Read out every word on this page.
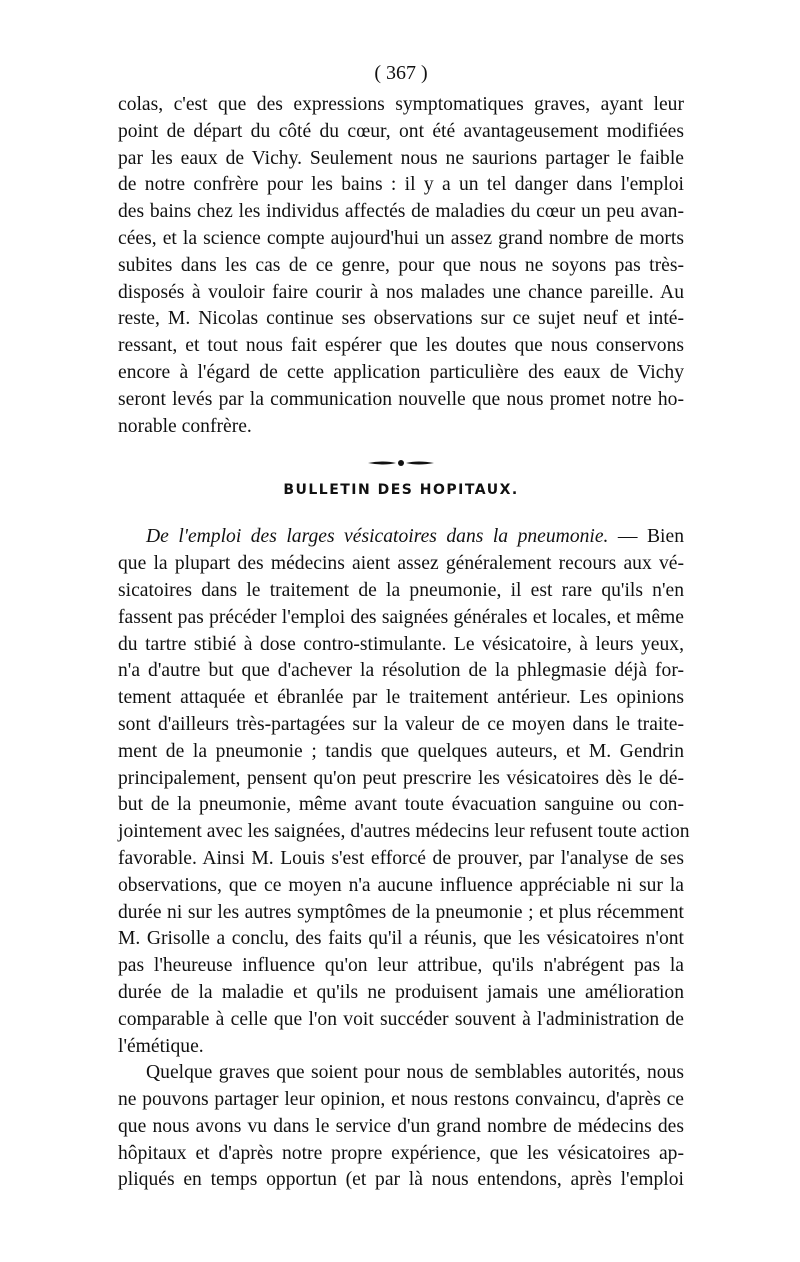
( 367 )

colas, c'est que des expressions symptomatiques graves, ayant leur
point de départ du côté du cœur, ont été avantageusement modifiées
par les eaux de Vichy. Seulement nous ne saurions partager le faible
de notre confrère pour les bains : il y a un tel danger dans l'emploi
des bains chez les individus affectés de maladies du cœur un peu avan-
cées, et la science compte aujourd'hui un assez grand nombre de morts
subites dans les cas de ce genre, pour que nous ne soyons pas très-
disposés à vouloir faire courir à nos malades une chance pareille. Au
reste, M. Nicolas continue ses observations sur ce sujet neuf et inté-
ressant, et tout nous fait espérer que les doutes que nous conservons
encore à l'égard de cette application particulière des eaux de Vichy
seront levés par la communication nouvelle que nous promet notre ho-
norable confrère.

BULLETIN DES HOPITAUX.

De l'emploi des larges vésicatoires dans la pneumonie. — Bien
que la plupart des médecins aient assez généralement recours aux vé-
sicatoires dans le traitement de la pneumonie, il est rare qu'ils n'en
fassent pas précéder l'emploi des saignées générales et locales, et même
du tartre stibié à dose contro-stimulante. Le vésicatoire, à leurs yeux,
n'a d'autre but que d'achever la résolution de la phlegmasie déjà for-
tement attaquée et ébranlée par le traitement antérieur. Les opinions
sont d'ailleurs très-partagées sur la valeur de ce moyen dans le traite-
ment de la pneumonie ; tandis que quelques auteurs, et M. Gendrin
principalement, pensent qu'on peut prescrire les vésicatoires dès le dé-
but de la pneumonie, même avant toute évacuation sanguine ou con-
jointement avec les saignées, d'autres médecins leur refusent toute action
favorable. Ainsi M. Louis s'est efforcé de prouver, par l'analyse de ses
observations, que ce moyen n'a aucune influence appréciable ni sur la
durée ni sur les autres symptômes de la pneumonie ; et plus récemment
M. Grisolle a conclu, des faits qu'il a réunis, que les vésicatoires n'ont
pas l'heureuse influence qu'on leur attribue, qu'ils n'abrégent pas la
durée de la maladie et qu'ils ne produisent jamais une amélioration
comparable à celle que l'on voit succéder souvent à l'administration de
l'émétique.

Quelque graves que soient pour nous de semblables autorités, nous
ne pouvons partager leur opinion, et nous restons convaincu, d'après ce
que nous avons vu dans le service d'un grand nombre de médecins des
hôpitaux et d'après notre propre expérience, que les vésicatoires ap-
pliqués en temps opportun (et par là nous entendons, après l'emploi
